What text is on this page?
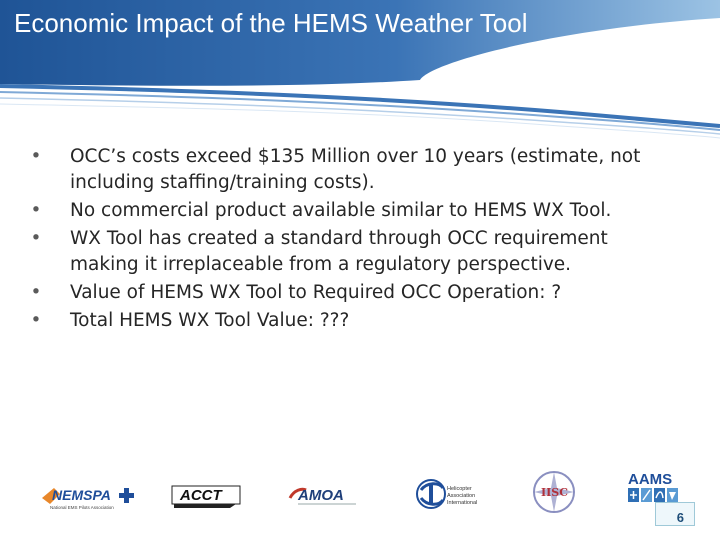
Economic Impact of the HEMS Weather Tool
• OCC’s costs exceed $135 Million over 10 years (estimate, not including staffing/training costs).
• No commercial product available similar to HEMS WX Tool.
• WX Tool has created a standard through OCC requirement making it irreplaceable from a regulatory perspective.
• Value of HEMS WX Tool to Required OCC Operation: ?
• Total HEMS WX Tool Value: ???
NEMSPA
National EMS Pilots Association
ACCT	AMOA	Helicopter
Association
International
IISC
AAMS
6
